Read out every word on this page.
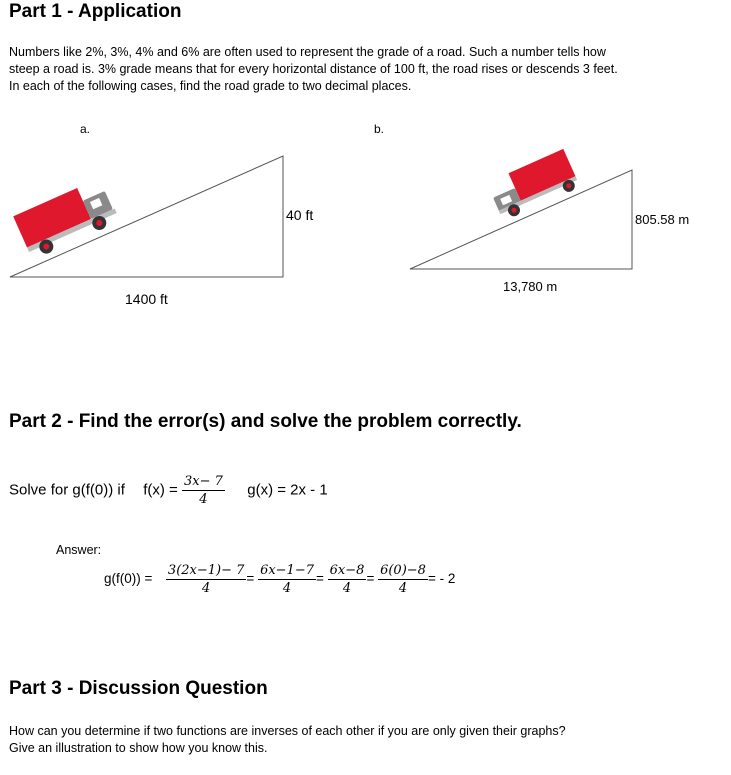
Part 1 - Application
Numbers like 2%, 3%, 4% and 6% are often used to represent the grade of a road. Such a number tells how
steep a road is. 3% grade means that for every horizontal distance of 100 ft, the road rises or descends 3 feet.
In each of the following cases, find the road grade to two decimal places.
a.	b.
40 ft
1400 ft
805.58 m
13,780 m
Part 2 - Find the error(s) and solve the problem correctly.
Solve for g(f(0)) if $f(x) = \frac{3x- 7}{4} g(x) = 2x - 1$
Answer:
$g(f(0)) = \frac{3(2x-1)- 7}{4} = \frac{6x-1-7}{4} = \frac{6x-8}{4} = \frac{6(0)-8}{4}$ = - 2
Part 3 - Discussion Question
How can you determine if two functions are inverses of each other if you are only given their graphs?
Give an illustration to show how you know this.
